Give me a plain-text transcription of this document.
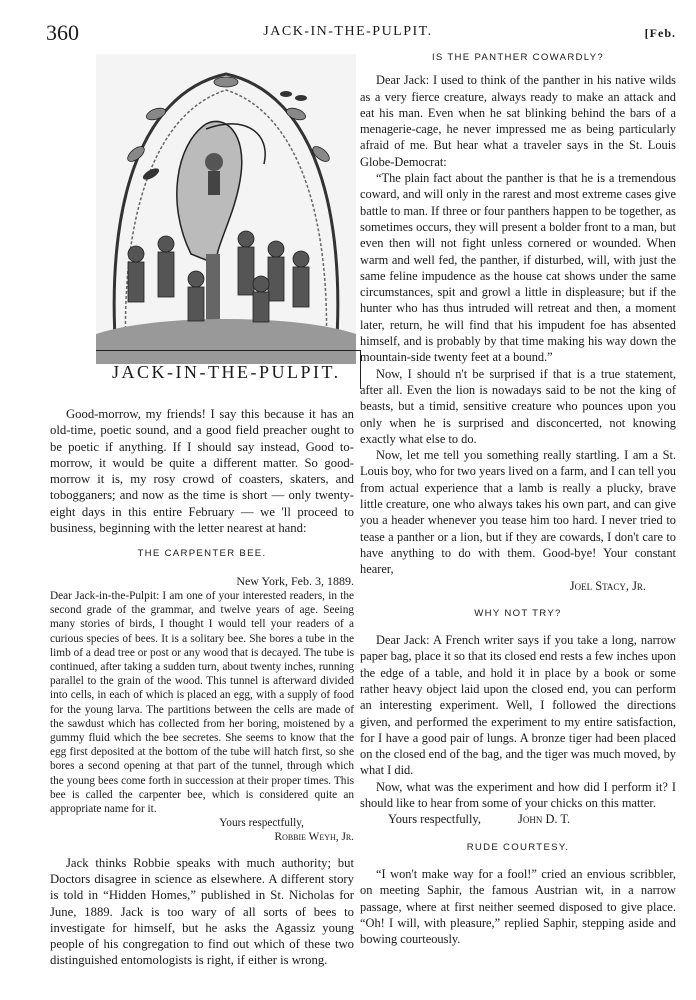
360	JACK-IN-THE-PULPIT.	[Feb.
JACK-IN-THE-PULPIT.

Good-morrow, my friends! I say this because it has an old-time, poetic sound, and a good field preacher ought to be poetic if anything. If I should say instead, Good to-morrow, it would be quite a different matter. So good-morrow it is, my rosy crowd of coasters, skaters, and tobogganers; and now as the time is short — only twenty-eight days in this entire February — we 'll proceed to business, beginning with the letter nearest at hand:

THE CARPENTER BEE.

New York, Feb. 3, 1889.

Dear Jack-in-the-Pulpit: I am one of your interested readers, in the second grade of the grammar, and twelve years of age. Seeing many stories of birds, I thought I would tell your readers of a curious species of bees. It is a solitary bee. She bores a tube in the limb of a dead tree or post or any wood that is decayed. The tube is continued, after taking a sudden turn, about twenty inches, running parallel to the grain of the wood. This tunnel is afterward divided into cells, in each of which is placed an egg, with a supply of food for the young larva. The partitions between the cells are made of the sawdust which has collected from her boring, moistened by a gummy fluid which the bee secretes. She seems to know that the egg first deposited at the bottom of the tube will hatch first, so she bores a second opening at that part of the tunnel, through which the young bees come forth in succession at their proper times. This bee is called the carpenter bee, which is considered quite an appropriate name for it.

Yours respectfully,

Robbie Weyh, Jr.

Jack thinks Robbie speaks with much authority; but Doctors disagree in science as elsewhere. A different story is told in “Hidden Homes,” published in St. Nicholas for June, 1889. Jack is too wary of all sorts of bees to investigate for himself, but he asks the Agassiz young people of his congregation to find out which of these two distinguished entomologists is right, if either is wrong.

IS THE PANTHER COWARDLY?

Dear Jack: I used to think of the panther in his native wilds as a very fierce creature, always ready to make an attack and eat his man. Even when he sat blinking behind the bars of a menagerie-cage, he never impressed me as being particularly afraid of me. But hear what a traveler says in the St. Louis Globe-Democrat:

“The plain fact about the panther is that he is a tremendous coward, and will only in the rarest and most extreme cases give battle to man. If three or four panthers happen to be together, as sometimes occurs, they will present a bolder front to a man, but even then will not fight unless cornered or wounded. When warm and well fed, the panther, if disturbed, will, with just the same feline impudence as the house cat shows under the same circumstances, spit and growl a little in displeasure; but if the hunter who has thus intruded will retreat and then, a moment later, return, he will find that his impudent foe has absented himself, and is probably by that time making his way down the mountain-side twenty feet at a bound.”

Now, I should n't be surprised if that is a true statement, after all. Even the lion is nowadays said to be not the king of beasts, but a timid, sensitive creature who pounces upon you only when he is surprised and disconcerted, not knowing exactly what else to do.

Now, let me tell you something really startling. I am a St. Louis boy, who for two years lived on a farm, and I can tell you from actual experience that a lamb is really a plucky, brave little creature, one who always takes his own part, and can give you a header whenever you tease him too hard. I never tried to tease a panther or a lion, but if they are cowards, I don't care to have anything to do with them. Good-bye! Your constant hearer,

Joel Stacy, Jr.

WHY NOT TRY?

Dear Jack: A French writer says if you take a long, narrow paper bag, place it so that its closed end rests a few inches upon the edge of a table, and hold it in place by a book or some rather heavy object laid upon the closed end, you can perform an interesting experiment. Well, I followed the directions given, and performed the experiment to my entire satisfaction, for I have a good pair of lungs. A bronze tiger had been placed on the closed end of the bag, and the tiger was much moved, by what I did.

Now, what was the experiment and how did I perform it? I should like to hear from some of your chicks on this matter.

Yours respectfully,	John D. T.

RUDE COURTESY.

“I won't make way for a fool!” cried an envious scribbler, on meeting Saphir, the famous Austrian wit, in a narrow passage, where at first neither seemed disposed to give place. “Oh! I will, with pleasure,” replied Saphir, stepping aside and bowing courteously.
